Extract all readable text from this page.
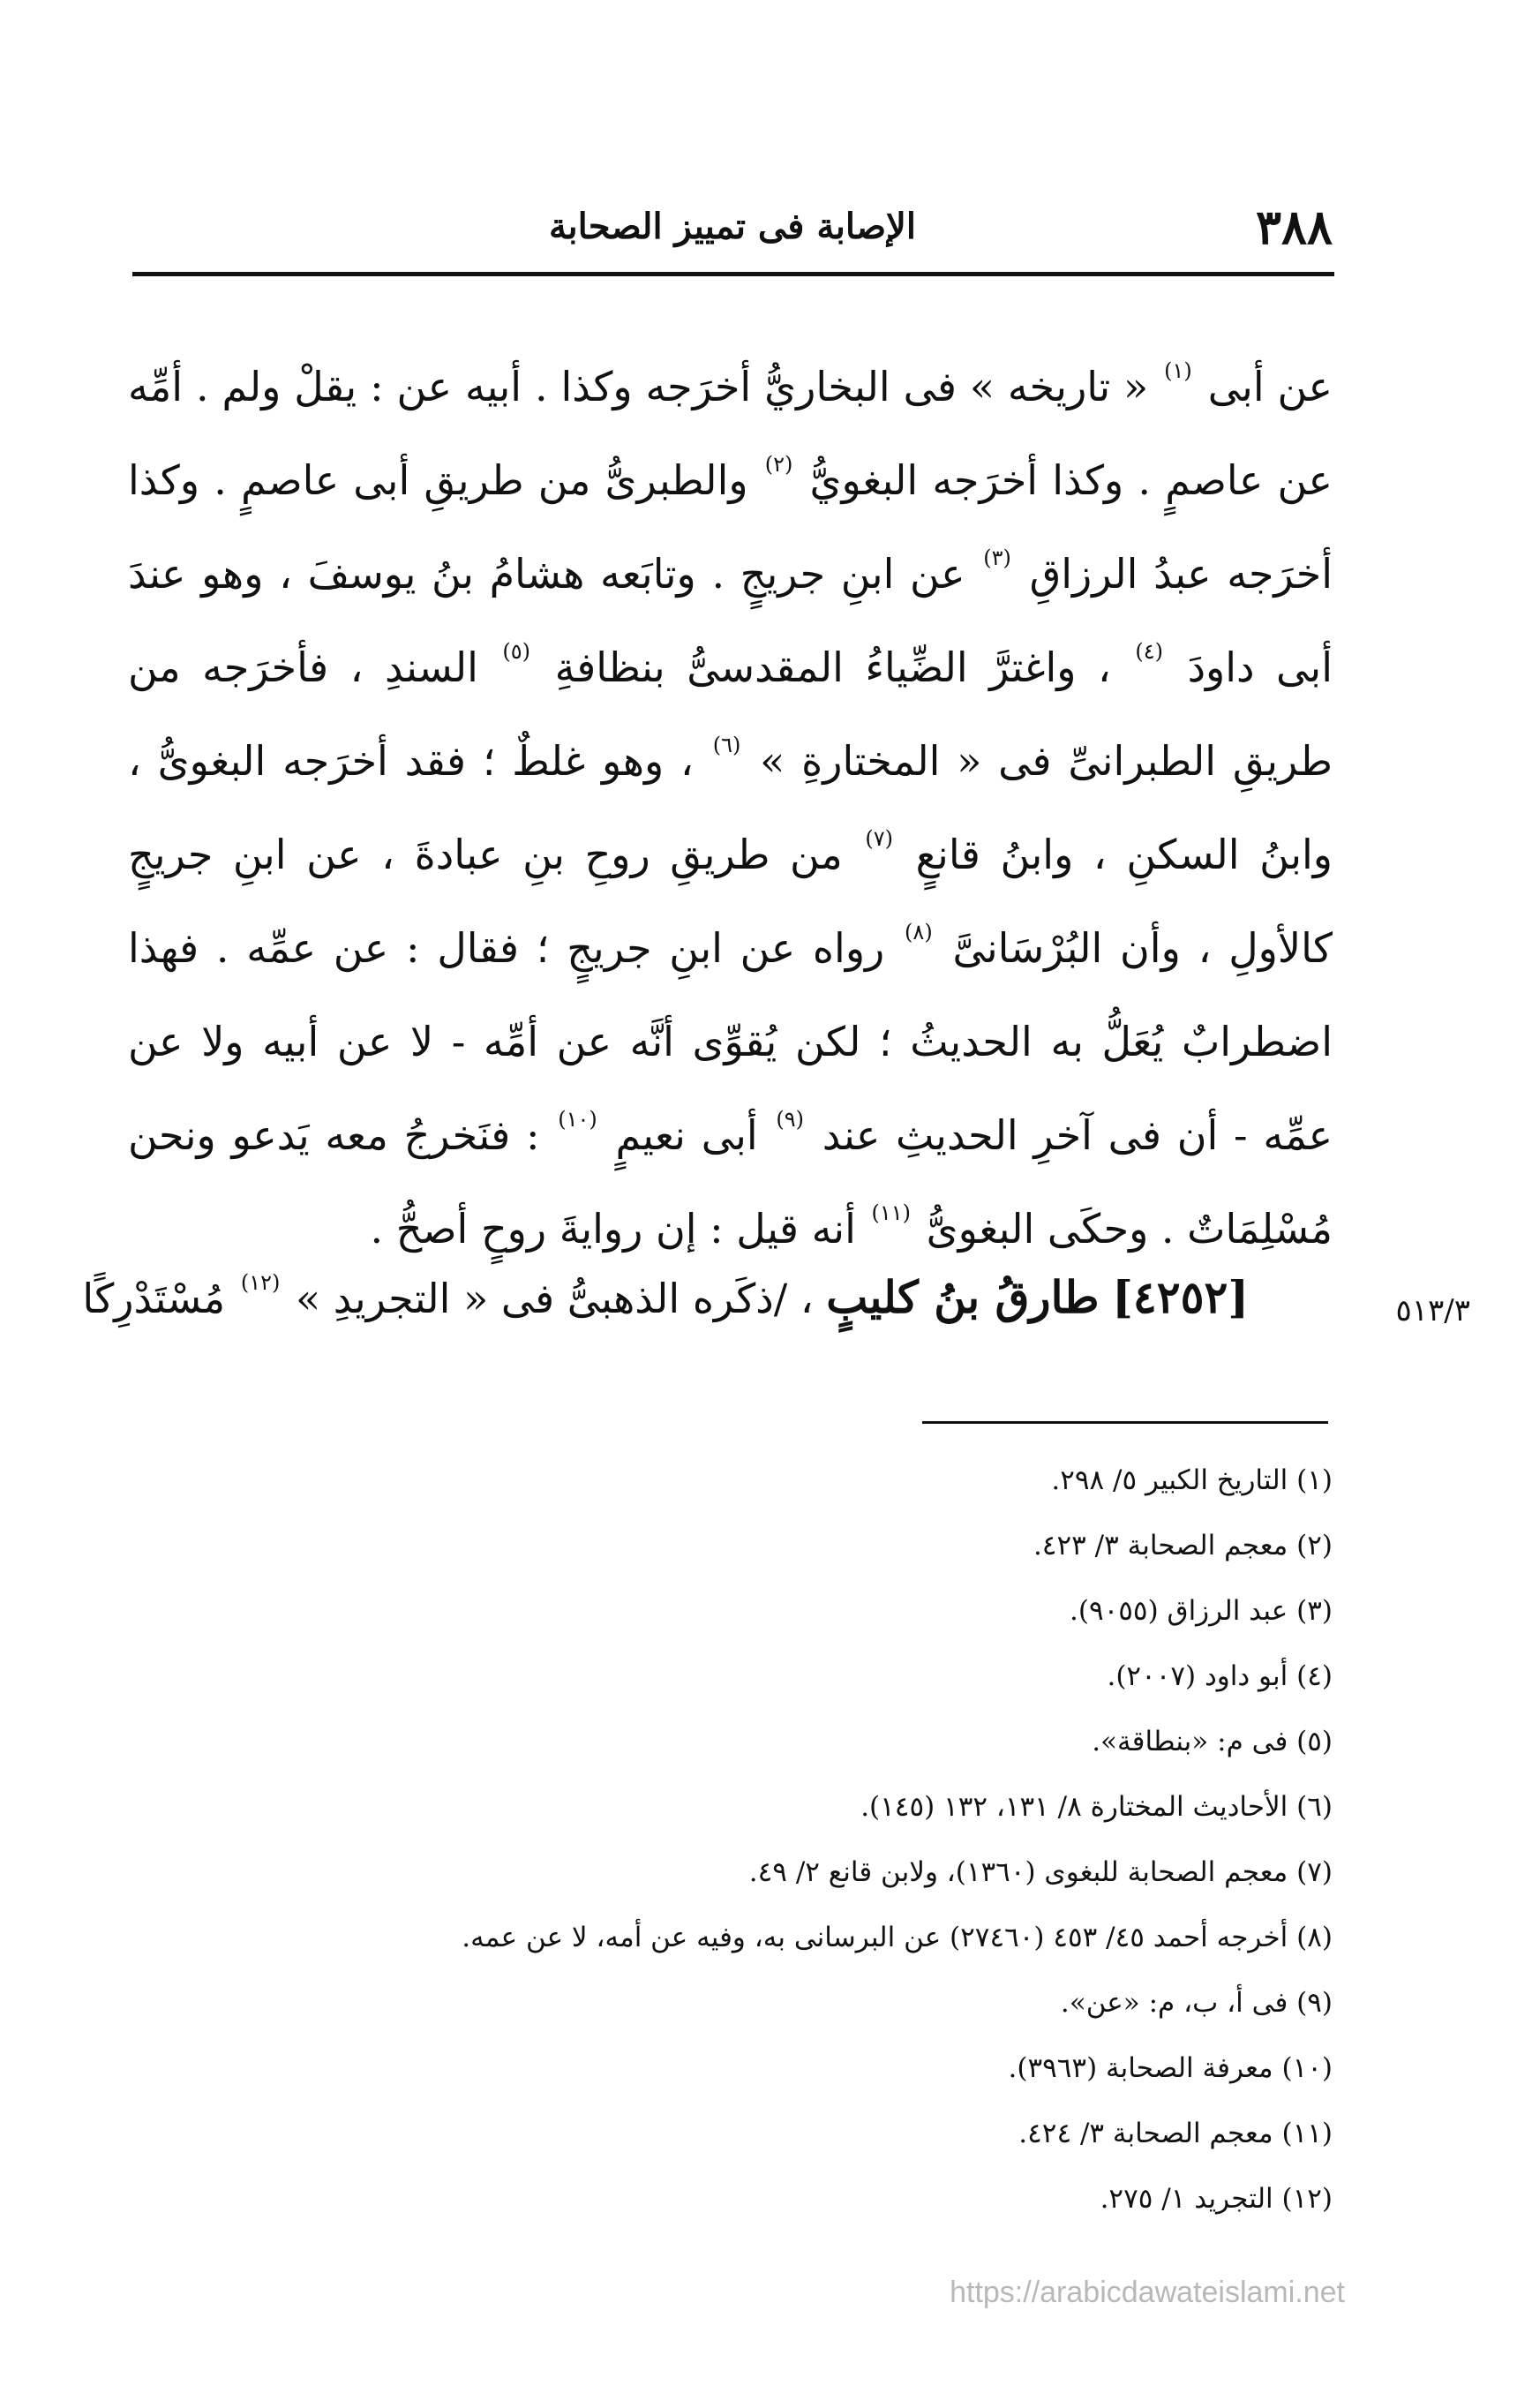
٣٨٨
الإصابة فى تمييز الصحابة

عن أبى $^{(١)}$ « تاريخه » فى البخاريُّ أخرَجه وكذا . أبيه عن : يقلْ ولم . أمِّه عن عاصمٍ . وكذا أخرَجه البغويُّ $^{(٢)}$ والطبرىُّ من طريقِ أبى عاصمٍ . وكذا أخرَجه عبدُ الرزاقِ $^{(٣)}$ عن ابنِ جريجٍ . وتابَعه هشامُ بنُ يوسفَ ، وهو عندَ أبى داودَ $^{(٤)}$ ، واغترَّ الضِّياءُ المقدسىُّ بنظافةِ $^{(٥)}$ السندِ ، فأخرَجه من طريقِ الطبرانىِّ فى « المختارةِ » $^{(٦)}$ ، وهو غلطٌ ؛ فقد أخرَجه البغوىُّ ، وابنُ السكنِ ، وابنُ قانعٍ $^{(٧)}$ من طريقِ روحِ بنِ عبادةَ ، عن ابنِ جريجٍ كالأولِ ، وأن البُرْسَانىَّ $^{(٨)}$ رواه عن ابنِ جريجٍ ؛ فقال : عن عمِّه . فهذا اضطرابٌ يُعَلُّ به الحديثُ ؛ لكن يُقوِّى أنَّه عن أمِّه - لا عن أبيه ولا عن عمِّه - أن فى آخرِ الحديثِ عند $^{(٩)}$ أبى نعيمٍ $^{(١٠)}$ : فنَخرجُ معه يَدعو ونحن مُسْلِمَاتٌ . وحكَى البغوىُّ $^{(١١)}$ أنه قيل : إن روايةَ روحٍ أصحُّ .

[٤٢٥٢] طارقُ بنُ كليبٍ ، /ذكَره الذهبىُّ فى « التجريدِ » $^{(١٢)}$ مُسْتَدْرِكًا	٥١٣/٣
(١) التاريخ الكبير ٥/ ٢٩٨.
(٢) معجم الصحابة ٣/ ٤٢٣.
(٣) عبد الرزاق (٩٠٥٥).
(٤) أبو داود (٢٠٠٧).
(٥) فى م: «بنطاقة».
(٦) الأحاديث المختارة ٨/ ١٣١، ١٣٢ (١٤٥).
(٧) معجم الصحابة للبغوى (١٣٦٠)، ولابن قانع ٢/ ٤٩.
(٨) أخرجه أحمد ٤٥/ ٤٥٣ (٢٧٤٦٠) عن البرسانى به، وفيه عن أمه، لا عن عمه.
(٩) فى أ، ب، م: «عن».
(١٠) معرفة الصحابة (٣٩٦٣).
(١١) معجم الصحابة ٣/ ٤٢٤.
(١٢) التجريد ١/ ٢٧٥.
https://arabicdawateislami.net
